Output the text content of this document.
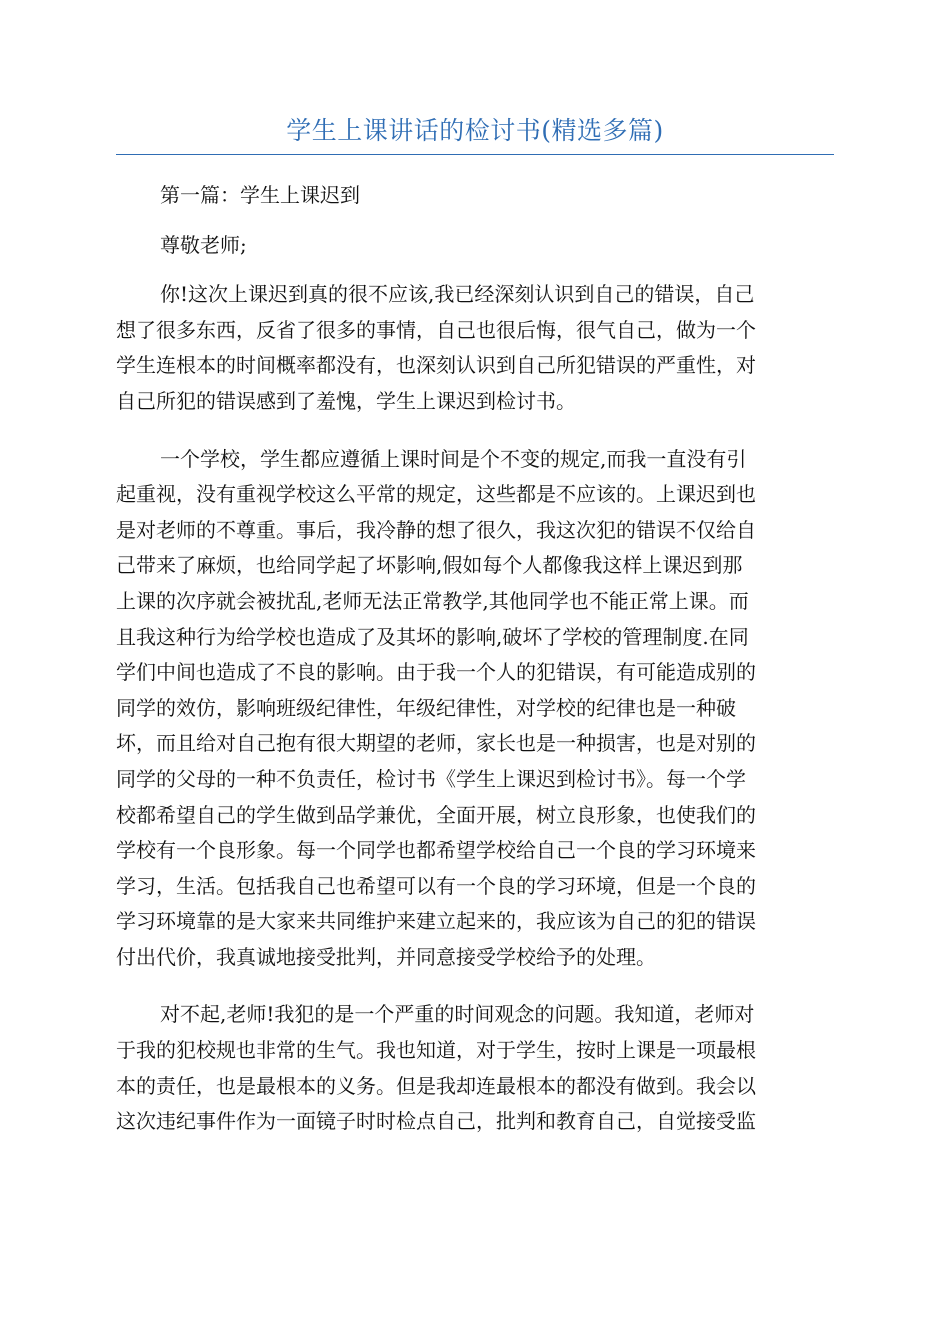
学生上课讲话的检讨书(精选多篇)
第一篇：学生上课迟到
尊敬老师;
你!这次上课迟到真的很不应该,我已经深刻认识到自己的错误，自己
想了很多东西，反省了很多的事情，自己也很后悔，很气自己，做为一个
学生连根本的时间概率都没有，也深刻认识到自己所犯错误的严重性，对
自己所犯的错误感到了羞愧，学生上课迟到检讨书。
一个学校，学生都应遵循上课时间是个不变的规定,而我一直没有引
起重视，没有重视学校这么平常的规定，这些都是不应该的。上课迟到也
是对老师的不尊重。事后，我冷静的想了很久，我这次犯的错误不仅给自
己带来了麻烦，也给同学起了坏影响,假如每个人都像我这样上课迟到那
上课的次序就会被扰乱,老师无法正常教学,其他同学也不能正常上课。而
且我这种行为给学校也造成了及其坏的影响,破坏了学校的管理制度.在同
学们中间也造成了不良的影响。由于我一个人的犯错误，有可能造成别的
同学的效仿，影响班级纪律性，年级纪律性，对学校的纪律也是一种破
坏，而且给对自己抱有很大期望的老师，家长也是一种损害，也是对别的
同学的父母的一种不负责任，检讨书《学生上课迟到检讨书》。每一个学
校都希望自己的学生做到品学兼优，全面开展，树立良形象，也使我们的
学校有一个良形象。每一个同学也都希望学校给自己一个良的学习环境来
学习，生活。包括我自己也希望可以有一个良的学习环境，但是一个良的
学习环境靠的是大家来共同维护来建立起来的，我应该为自己的犯的错误
付出代价，我真诚地接受批判，并同意接受学校给予的处理。
对不起,老师!我犯的是一个严重的时间观念的问题。我知道，老师对
于我的犯校规也非常的生气。我也知道，对于学生，按时上课是一项最根
本的责任，也是最根本的义务。但是我却连最根本的都没有做到。我会以
这次违纪事件作为一面镜子时时检点自己，批判和教育自己，自觉接受监
